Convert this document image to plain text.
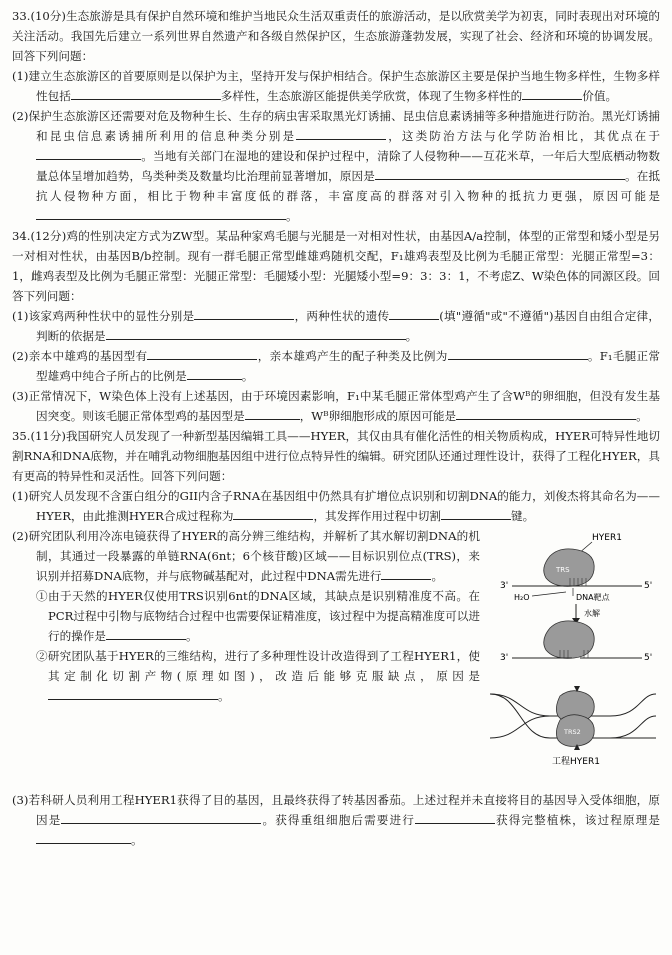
33.(10分)生态旅游是具有保护自然环境和维护当地民众生活双重责任的旅游活动，是以欣赏美学为初衷，同时表现出对环境的关注活动。我国先后建立一系列世界自然遗产和各级自然保护区，生态旅游蓬勃发展，实现了社会、经济和环境的协调发展。回答下列问题：

(1)建立生态旅游区的首要原则是以保护为主，坚持开发与保护相结合。保护生态旅游区主要是保护当地生物多样性，生物多样性包括	多样性，生态旅游区能提供美学欣赏，体现了生物多样性的	价值。

(2)保护生态旅游区还需要对危及物种生长、生存的病虫害采取黑光灯诱捕、昆虫信息素诱捕等多种措施进行防治。黑光灯诱捕和昆虫信息素诱捕所利用的信息种类分别是	，这类防治方法与化学防治相比，其优点在于。当地有关部门在湿地的建设和保护过程中，清除了人侵物种——互花米草，一年后大型底栖动物数量总体呈增加趋势，鸟类种类及数量均比治理前显著增加，原因是	。在抵抗人侵物种方面，相比于物种丰富度低的群落，丰富度高的群落对引入物种的抵抗力更强，原因可能是。

34.(12分)鸡的性别决定方式为ZW型。某品种家鸡毛腿与光腿是一对相对性状，由基因A/a控制，体型的正常型和矮小型是另一对相对性状，由基因B/b控制。现有一群毛腿正常型雌雄鸡随机交配，F₁雄鸡表型及比例为毛腿正常型：光腿正常型=3：1，雌鸡表型及比例为毛腿正常型：光腿正常型：毛腿矮小型：光腿矮小型=9：3：3：1，不考虑Z、W染色体的同源区段。回答下列问题：

(1)该家鸡两种性状中的显性分别是	，两种性状的遗传	(填"遵循"或"不遵循")基因自由组合定律，判断的依据是	。

(2)亲本中雄鸡的基因型有	，亲本雄鸡产生的配子种类及比例为	。F₁毛腿正常型雄鸡中纯合子所占的比例是	。

(3)正常情况下，W染色体上没有上述基因，由于环境因素影响，F₁中某毛腿正常体型鸡产生了含Wᴮ的卵细胞，但没有发生基因突变。则该毛腿正常体型鸡的基因型是	，Wᴮ卵细胞形成的原因可能是	。

35.(11分)我国研究人员发现了一种新型基因编辑工具——HYER，其仅由具有催化活性的相关物质构成，HYER可特异性地切割RNA和DNA底物，并在哺乳动物细胞基因组中进行位点特异性的编辑。研究团队还通过理性设计，获得了工程化HYER，具有更高的特异性和灵活性。回答下列问题：

(1)研究人员发现不含蛋白组分的GII内含子RNA在基因组中仍然具有扩增位点识别和切割DNA的能力，刘俊杰将其命名为——HYER，由此推测HYER合成过程称为	，其发挥作用过程中切割	键。

(2)研究团队利用冷冻电镜获得了HYER的高分辨三维结构，并解析了其水解切割DNA的机制，其通过一段暴露的单链RNA(6nt；6个核苷酸)区域——目标识别位点(TRS)，来识别并招募DNA底物，并与底物碱基配对，此过程中DNA需先进行	。

①由于天然的HYER仅使用TRS识别6nt的DNA区域，其缺点是识别精准度不高。在PCR过程中引物与底物结合过程中也需要保证精准度，该过程中为提高精准度可以进行的操作是	。

②研究团队基于HYER的三维结构，进行了多种理性设计改造得到了工程HYER1，使其定制化切割产物(原理如图)，改造后能够克服缺点，原因是。

HYER1
TRS
3'	5'
H₂O	DNA靶点
水解
3'	5'
TRS2
工程HYER1

(3)若科研人员利用工程HYER1获得了目的基因，且最终获得了转基因番茄。上述过程并未直接将目的基因导入受体细胞，原因是	。获得重组细胞后需要进行	获得完整植株，该过程原理是。
